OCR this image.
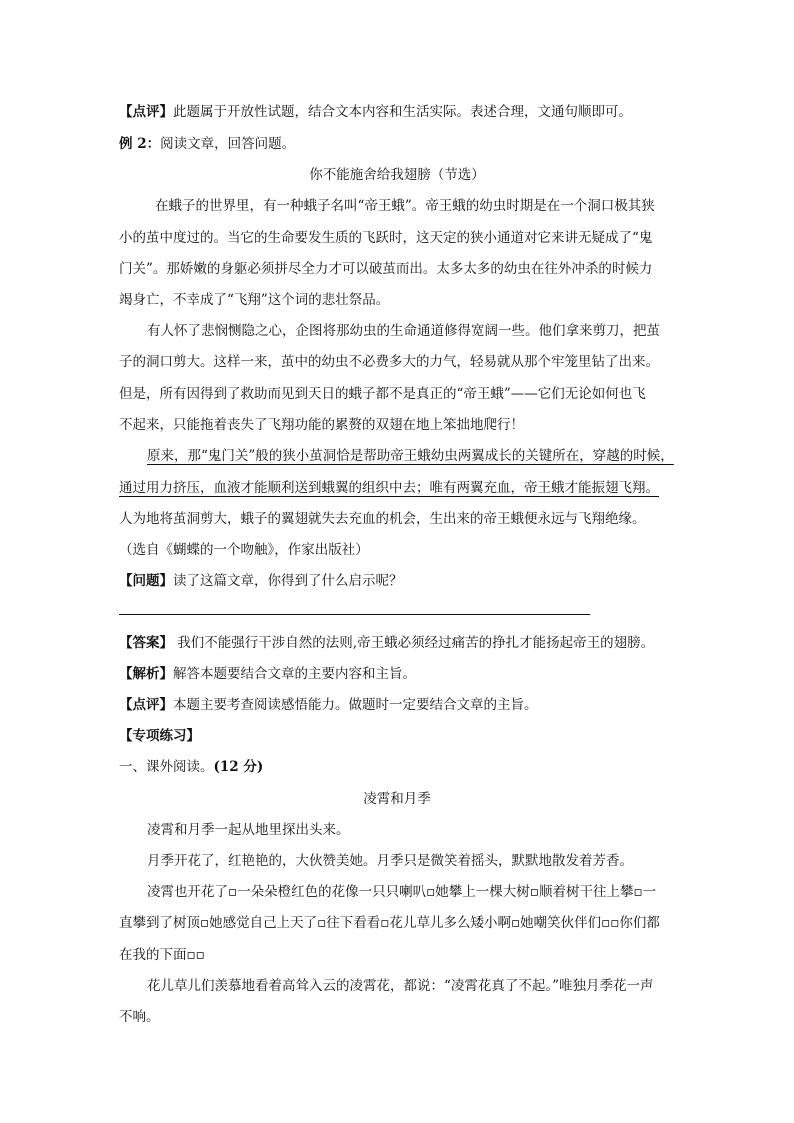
【点评】此题属于开放性试题，结合文本内容和生活实际。表述合理，文通句顺即可。
例 2：阅读文章，回答问题。
你不能施舍给我翅膀（节选）
在蛾子的世界里，有一种蛾子名叫“帝王蛾”。帝王蛾的幼虫时期是在一个洞口极其狭
小的茧中度过的。当它的生命要发生质的飞跃时，这天定的狭小通道对它来讲无疑成了“鬼
门关”。那娇嫩的身躯必须拼尽全力才可以破茧而出。太多太多的幼虫在往外冲杀的时候力
竭身亡，不幸成了“飞翔”这个词的悲壮祭品。
有人怀了悲悯恻隐之心，企图将那幼虫的生命通道修得宽阔一些。他们拿来剪刀，把茧
子的洞口剪大。这样一来，茧中的幼虫不必费多大的力气，轻易就从那个牢笼里钻了出来。
但是，所有因得到了救助而见到天日的蛾子都不是真正的“帝王蛾”——它们无论如何也飞
不起来，只能拖着丧失了飞翔功能的累赘的双翅在地上笨拙地爬行！
原来，那“鬼门关”般的狭小茧洞恰是帮助帝王蛾幼虫两翼成长的关键所在，穿越的时候，
通过用力挤压，血液才能顺利送到蛾翼的组织中去；唯有两翼充血，帝王蛾才能振翅飞翔。
人为地将茧洞剪大，蛾子的翼翅就失去充血的机会，生出来的帝王蛾便永远与飞翔绝缘。
（选自《蝴蝶的一个吻触》，作家出版社）
【问题】读了这篇文章，你得到了什么启示呢？
【答案】 我们不能强行干涉自然的法则,帝王蛾必须经过痛苦的挣扎才能扬起帝王的翅膀。
【解析】解答本题要结合文章的主要内容和主旨。
【点评】本题主要考查阅读感悟能力。做题时一定要结合文章的主旨。
【专项练习】
一、课外阅读。(12 分)
凌霄和月季
凌霄和月季一起从地里探出头来。
月季开花了，红艳艳的，大伙赞美她。月季只是微笑着摇头，默默地散发着芳香。
凌霄也开花了▫一朵朵橙红色的花像一只只喇叭▫她攀上一棵大树▫顺着树干往上攀▫一
直攀到了树顶▫她感觉自己上天了▫往下看看▫花儿草儿多么矮小啊▫她嘲笑伙伴们▫▫你们都
在我的下面▫▫
花儿草儿们羡慕地看着高耸入云的凌霄花，都说：“凌霄花真了不起。”唯独月季花一声
不响。
